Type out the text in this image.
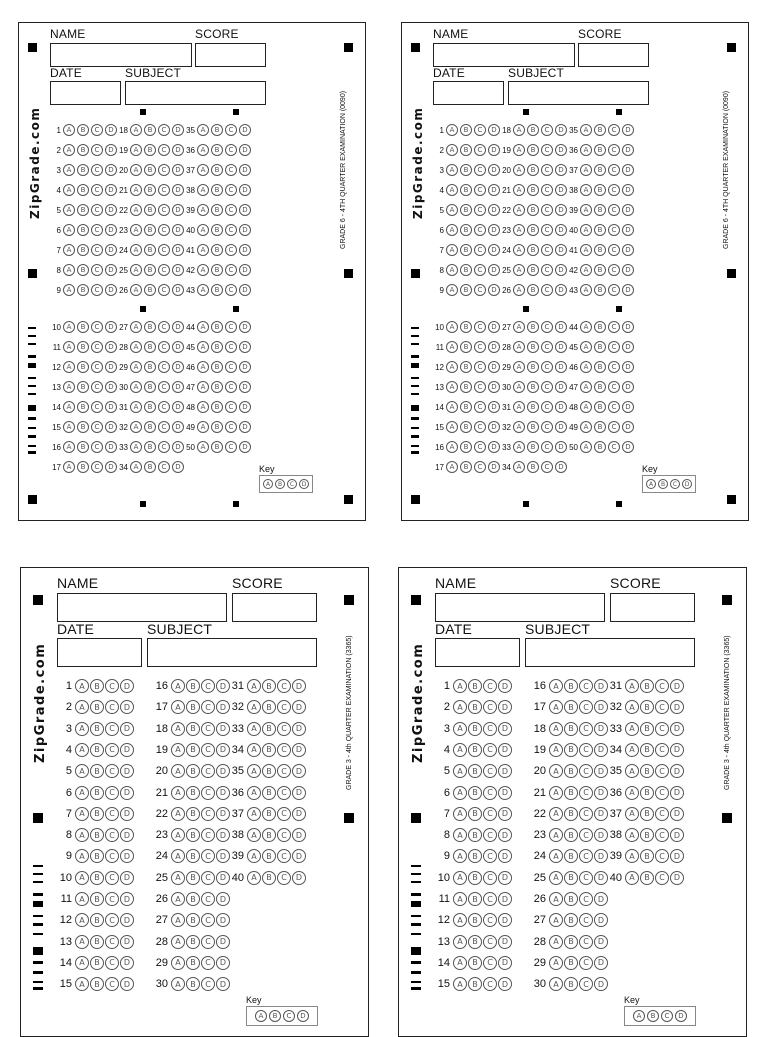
NAME	SCORE
DATE	SUBJECT
ZipGrade.com	GRADE 6 - 4TH QUARTER EXAMINATION (0090)
1 A	B	C	D
2 A	B	C	D
3 A	B	C	D
4 A	B	C	D
5 A	B	C	D
6 A	B	C	D
7 A	B	C	D
8 A	B	C	D
9 A	B	C	D
10 A	B	C	D
11 A	B	C	D
12 A	B	C	D
13 A	B	C	D
14 A	B	C	D
15 A	B	C	D
16 A	B	C	D
17 A	B	C	D
18 A	B	C	D
19 A	B	C	D
20 A	B	C	D
21 A	B	C	D
22 A	B	C	D
23 A	B	C	D
24 A	B	C	D
25 A	B	C	D
26 A	B	C	D
27 A	B	C	D
28 A	B	C	D
29 A	B	C	D
30 A	B	C	D
31 A	B	C	D
32 A	B	C	D
33 A	B	C	D
34 A	B	C	D
35 A	B	C	D
36 A	B	C	D
37 A	B	C	D
38 A	B	C	D
39 A	B	C	D
40 A	B	C	D
41 A	B	C	D
42 A	B	C	D
43 A	B	C	D
44 A	B	C	D
45 A	B	C	D
46 A	B	C	D
47 A	B	C	D
48 A	B	C	D
49 A	B	C	D
50 A	B	C	D
Key
A	B	C	D
NAME	SCORE
DATE	SUBJECT
ZipGrade.com	GRADE 6 - 4TH QUARTER EXAMINATION (0090)
1 A	B	C	D
2 A	B	C	D
3 A	B	C	D
4 A	B	C	D
5 A	B	C	D
6 A	B	C	D
7 A	B	C	D
8 A	B	C	D
9 A	B	C	D
10 A	B	C	D
11 A	B	C	D
12 A	B	C	D
13 A	B	C	D
14 A	B	C	D
15 A	B	C	D
16 A	B	C	D
17 A	B	C	D
18 A	B	C	D
19 A	B	C	D
20 A	B	C	D
21 A	B	C	D
22 A	B	C	D
23 A	B	C	D
24 A	B	C	D
25 A	B	C	D
26 A	B	C	D
27 A	B	C	D
28 A	B	C	D
29 A	B	C	D
30 A	B	C	D
31 A	B	C	D
32 A	B	C	D
33 A	B	C	D
34 A	B	C	D
35 A	B	C	D
36 A	B	C	D
37 A	B	C	D
38 A	B	C	D
39 A	B	C	D
40 A	B	C	D
41 A	B	C	D
42 A	B	C	D
43 A	B	C	D
44 A	B	C	D
45 A	B	C	D
46 A	B	C	D
47 A	B	C	D
48 A	B	C	D
49 A	B	C	D
50 A	B	C	D
Key
A	B	C	D
NAME	SCORE
DATE	SUBJECT
ZipGrade.com	GRADE 3 - 4th QUARTER EXAMINATION (3365)
1 A	B	C	D
2 A	B	C	D
3 A	B	C	D
4 A	B	C	D
5 A	B	C	D
6 A	B	C	D
7 A	B	C	D
8 A	B	C	D
9 A	B	C	D
10 A	B	C	D
11 A	B	C	D
12 A	B	C	D
13 A	B	C	D
14 A	B	C	D
15 A	B	C	D
16 A	B	C	D
17 A	B	C	D
18 A	B	C	D
19 A	B	C	D
20 A	B	C	D
21 A	B	C	D
22 A	B	C	D
23 A	B	C	D
24 A	B	C	D
25 A	B	C	D
26 A	B	C	D
27 A	B	C	D
28 A	B	C	D
29 A	B	C	D
30 A	B	C	D
31 A	B	C	D
32 A	B	C	D
33 A	B	C	D
34 A	B	C	D
35 A	B	C	D
36 A	B	C	D
37 A	B	C	D
38 A	B	C	D
39 A	B	C	D
40 A	B	C	D
Key
A	B	C	D
NAME	SCORE
DATE	SUBJECT
ZipGrade.com	GRADE 3 - 4th QUARTER EXAMINATION (3365)
1 A	B	C	D
2 A	B	C	D
3 A	B	C	D
4 A	B	C	D
5 A	B	C	D
6 A	B	C	D
7 A	B	C	D
8 A	B	C	D
9 A	B	C	D
10 A	B	C	D
11 A	B	C	D
12 A	B	C	D
13 A	B	C	D
14 A	B	C	D
15 A	B	C	D
16 A	B	C	D
17 A	B	C	D
18 A	B	C	D
19 A	B	C	D
20 A	B	C	D
21 A	B	C	D
22 A	B	C	D
23 A	B	C	D
24 A	B	C	D
25 A	B	C	D
26 A	B	C	D
27 A	B	C	D
28 A	B	C	D
29 A	B	C	D
30 A	B	C	D
31 A	B	C	D
32 A	B	C	D
33 A	B	C	D
34 A	B	C	D
35 A	B	C	D
36 A	B	C	D
37 A	B	C	D
38 A	B	C	D
39 A	B	C	D
40 A	B	C	D
Key
A	B	C	D
